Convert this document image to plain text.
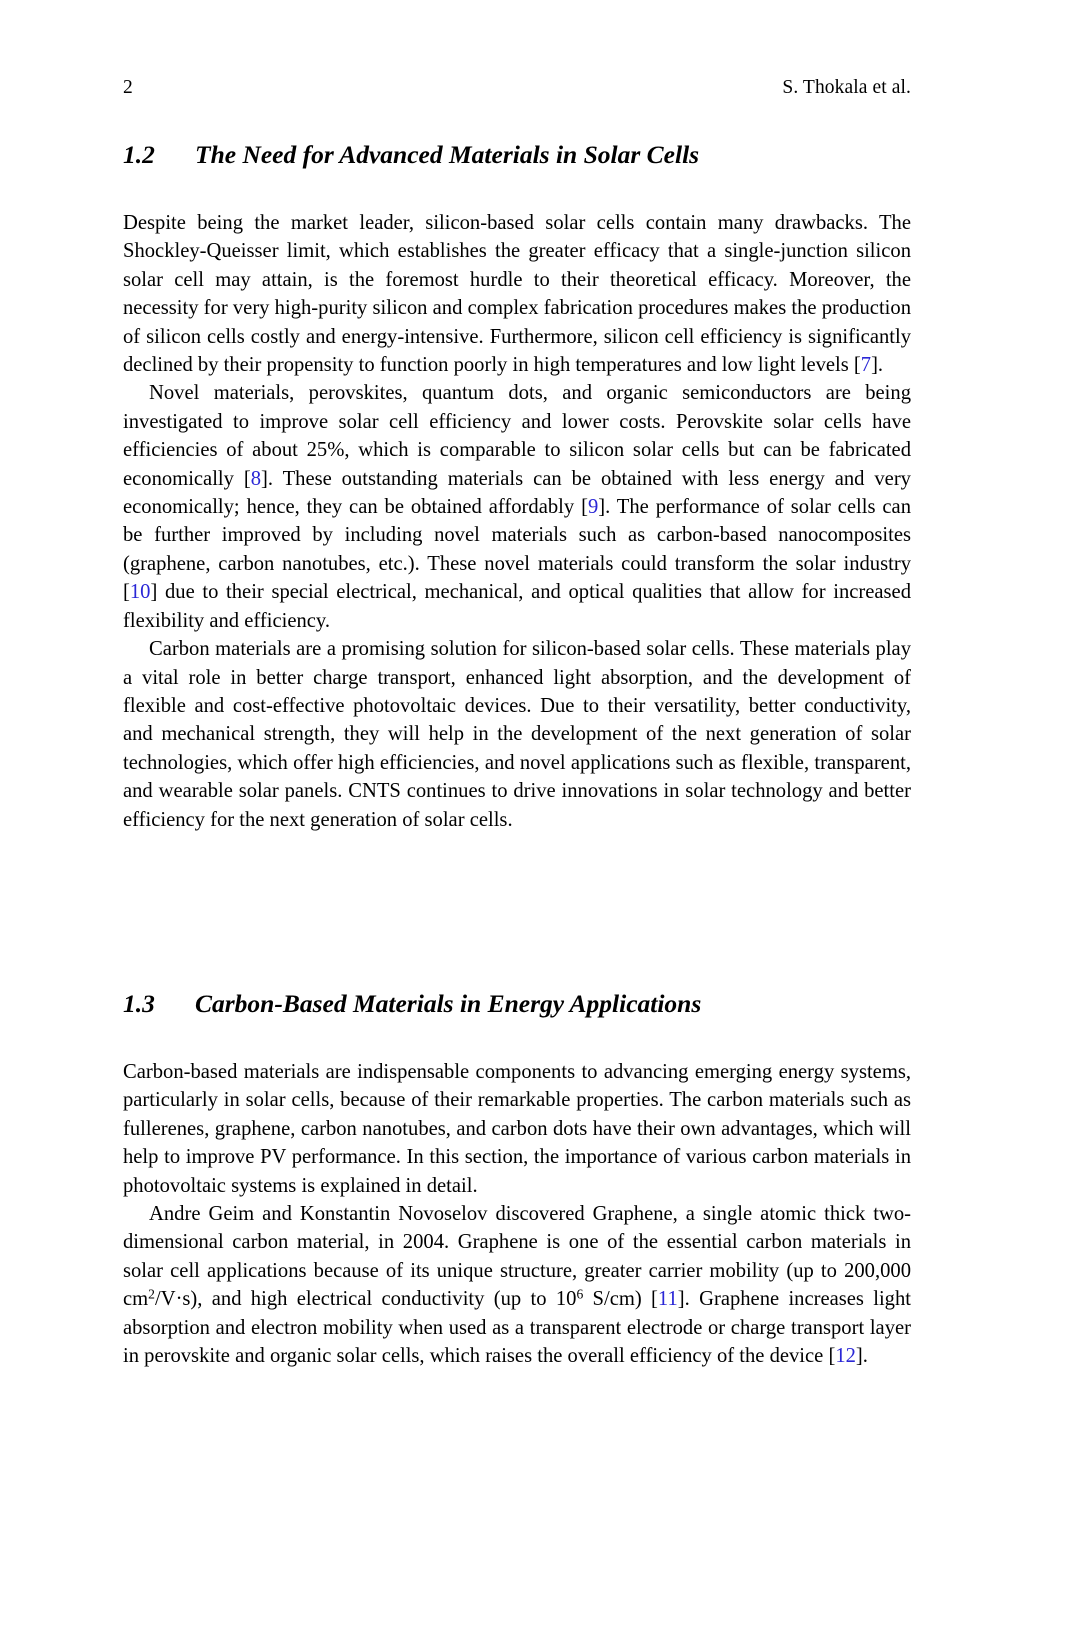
2	S. Thokala et al.
1.2	The Need for Advanced Materials in Solar Cells

Despite being the market leader, silicon-based solar cells contain many drawbacks. The Shockley-Queisser limit, which establishes the greater efficacy that a single-junction silicon solar cell may attain, is the foremost hurdle to their theoretical efficacy. Moreover, the necessity for very high-purity silicon and complex fabrication procedures makes the production of silicon cells costly and energy-intensive. Furthermore, silicon cell efficiency is significantly declined by their propensity to function poorly in high temperatures and low light levels [7].

Novel materials, perovskites, quantum dots, and organic semiconductors are being investigated to improve solar cell efficiency and lower costs. Perovskite solar cells have efficiencies of about 25%, which is comparable to silicon solar cells but can be fabricated economically [8]. These outstanding materials can be obtained with less energy and very economically; hence, they can be obtained affordably [9]. The performance of solar cells can be further improved by including novel materials such as carbon-based nanocomposites (graphene, carbon nanotubes, etc.). These novel materials could transform the solar industry [10] due to their special electrical, mechanical, and optical qualities that allow for increased flexibility and efficiency.

Carbon materials are a promising solution for silicon-based solar cells. These materials play a vital role in better charge transport, enhanced light absorption, and the development of flexible and cost-effective photovoltaic devices. Due to their versatility, better conductivity, and mechanical strength, they will help in the development of the next generation of solar technologies, which offer high efficiencies, and novel applications such as flexible, transparent, and wearable solar panels. CNTS continues to drive innovations in solar technology and better efficiency for the next generation of solar cells.

1.3	Carbon-Based Materials in Energy Applications

Carbon-based materials are indispensable components to advancing emerging energy systems, particularly in solar cells, because of their remarkable properties. The carbon materials such as fullerenes, graphene, carbon nanotubes, and carbon dots have their own advantages, which will help to improve PV performance. In this section, the importance of various carbon materials in photovoltaic systems is explained in detail.

Andre Geim and Konstantin Novoselov discovered Graphene, a single atomic thick two-dimensional carbon material, in 2004. Graphene is one of the essential carbon materials in solar cell applications because of its unique structure, greater carrier mobility (up to 200,000 $cm^2/V\cdot s$), and high electrical conductivity (up to $10^6$ S/cm) [11]. Graphene increases light absorption and electron mobility when used as a transparent electrode or charge transport layer in perovskite and organic solar cells, which raises the overall efficiency of the device [12].
